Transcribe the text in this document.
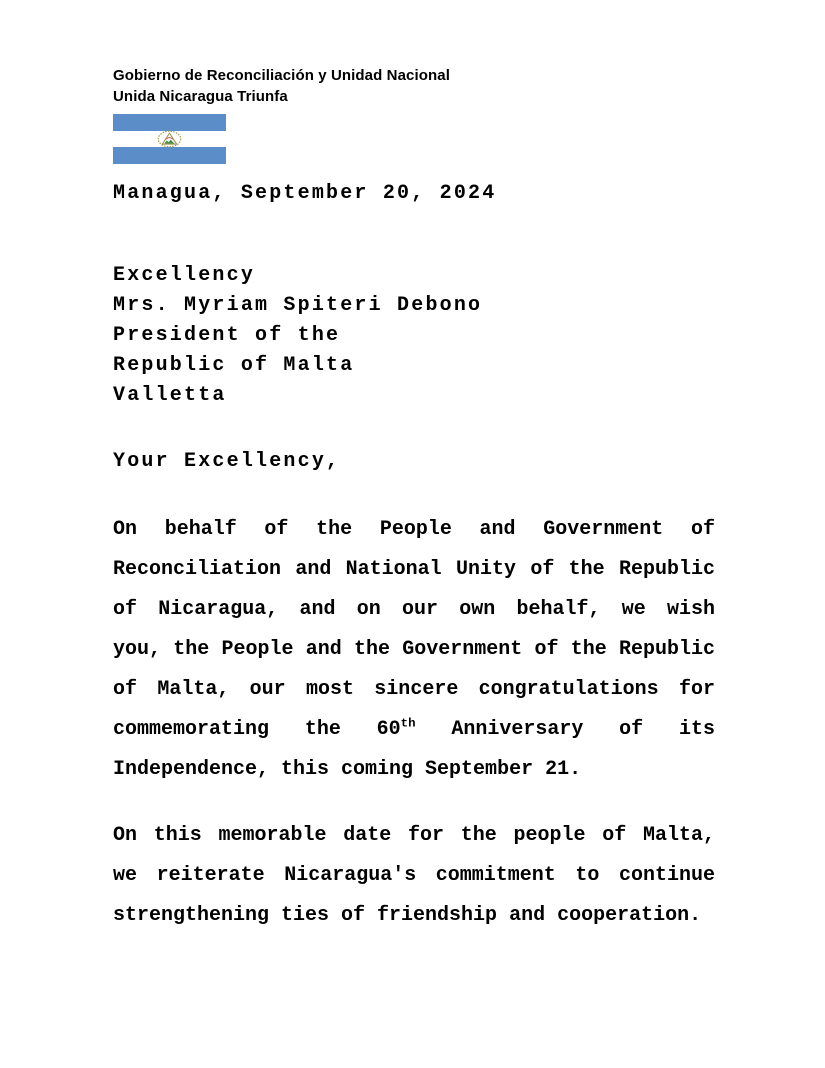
Gobierno de Reconciliación y Unidad Nacional
Unida Nicaragua Triunfa
Managua, September 20, 2024
Excellency
Mrs. Myriam Spiteri Debono
President of the
Republic of Malta
Valletta
Your Excellency,
On behalf of the People and Government of
Reconciliation and National Unity of the Republic
of Nicaragua, and on our own behalf, we wish
you, the People and the Government of the Republic
of Malta, our most sincere congratulations for
commemorating the 60th Anniversary of its
Independence, this coming September 21.
On this memorable date for the people of Malta,
we reiterate Nicaragua's commitment to continue
strengthening ties of friendship and cooperation.
